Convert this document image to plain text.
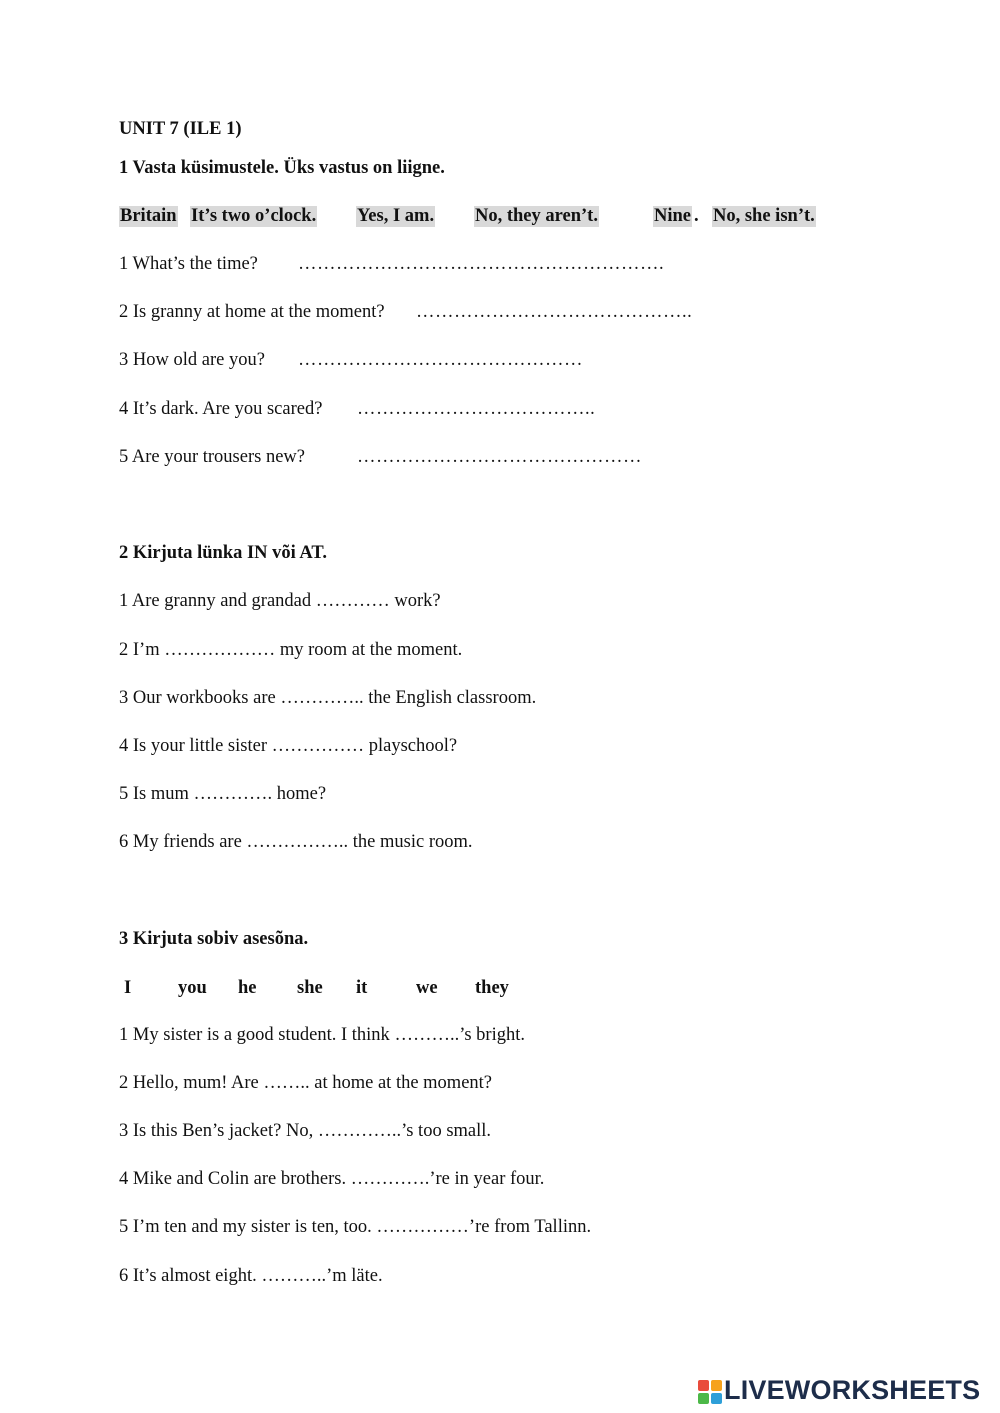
UNIT 7 (ILE 1)
1 Vasta küsimustele. Üks vastus on liigne.
Britain It’s two o’clock. Yes, I am. No, they aren’t.	Nine . No, she isn’t.
1 What’s the time? ………………………………………………….
2 Is granny at home at the moment? ……………………………………..
3 How old are you? ………………………………………
4 It’s dark. Are you scared? ………………………………..
5 Are your trousers new?	………………………………………
2 Kirjuta lünka IN või AT.
1 Are granny and grandad ………… work?
2 I’m ……………… my room at the moment.
3 Our workbooks are ………….. the English classroom.
4 Is your little sister …………… playschool?
5 Is mum …………. home?
6 My friends are …………….. the music room.
3 Kirjuta sobiv asesõna.
I	you he she it	we they
1 My sister is a good student. I think ………..’s bright.
2 Hello, mum! Are …….. at home at the moment?
3 Is this Ben’s jacket? No, …………..’s too small.
4 Mike and Colin are brothers. ………….’re in year four.
5 I’m ten and my sister is ten, too. ……………’re from Tallinn.
6 It’s almost eight. ………..’m läte.
LIVEWORKSHEETS
